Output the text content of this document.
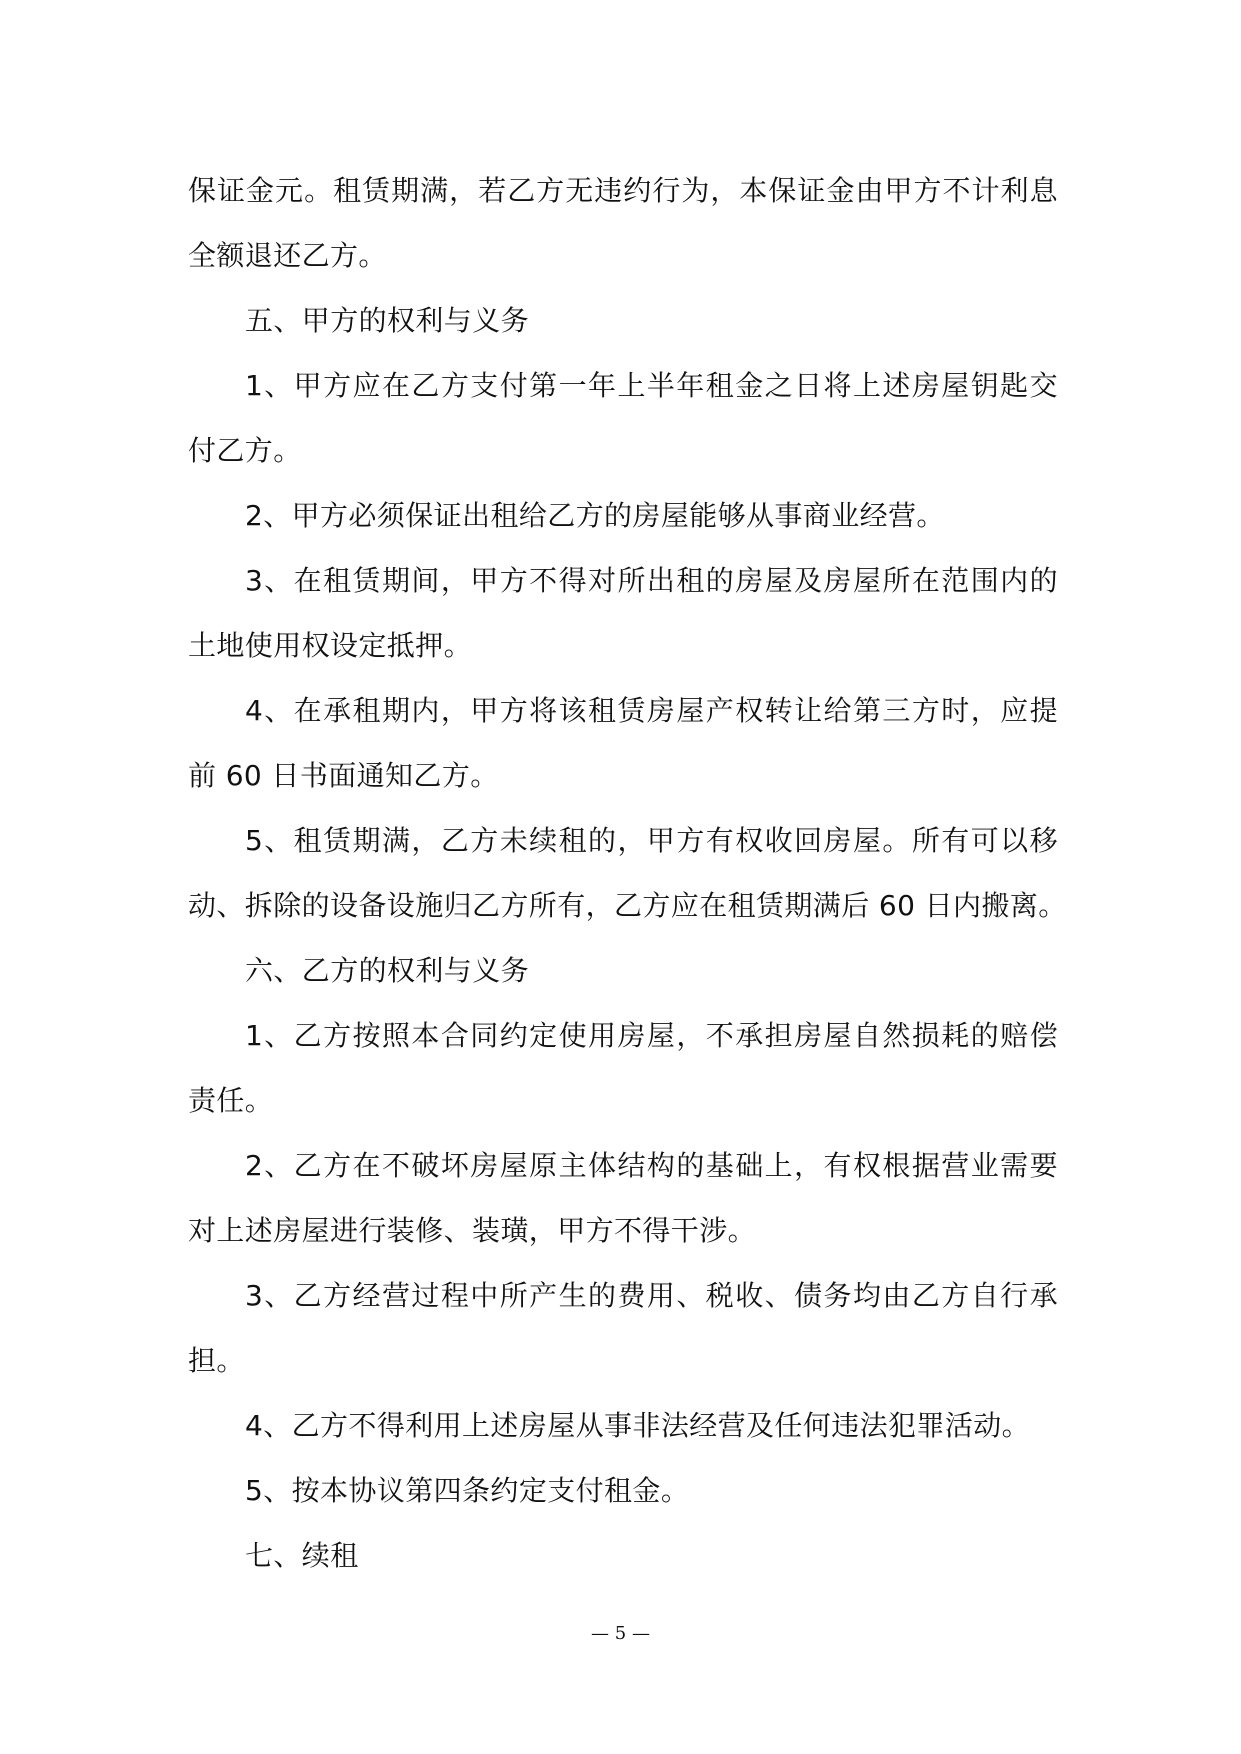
保证金元。租赁期满，若乙方无违约行为，本保证金由甲方不计利息
全额退还乙方。
五、甲方的权利与义务
1、甲方应在乙方支付第一年上半年租金之日将上述房屋钥匙交
付乙方。
2、甲方必须保证出租给乙方的房屋能够从事商业经营。
3、在租赁期间，甲方不得对所出租的房屋及房屋所在范围内的
土地使用权设定抵押。
4、在承租期内，甲方将该租赁房屋产权转让给第三方时，应提
前 60 日书面通知乙方。
5、租赁期满，乙方未续租的，甲方有权收回房屋。所有可以移
动、拆除的设备设施归乙方所有，乙方应在租赁期满后 60 日内搬离。
六、乙方的权利与义务
1、乙方按照本合同约定使用房屋，不承担房屋自然损耗的赔偿
责任。
2、乙方在不破坏房屋原主体结构的基础上，有权根据营业需要
对上述房屋进行装修、装璜，甲方不得干涉。
3、乙方经营过程中所产生的费用、税收、债务均由乙方自行承
担。
4、乙方不得利用上述房屋从事非法经营及任何违法犯罪活动。
5、按本协议第四条约定支付租金。
七、续租
— 5 —
